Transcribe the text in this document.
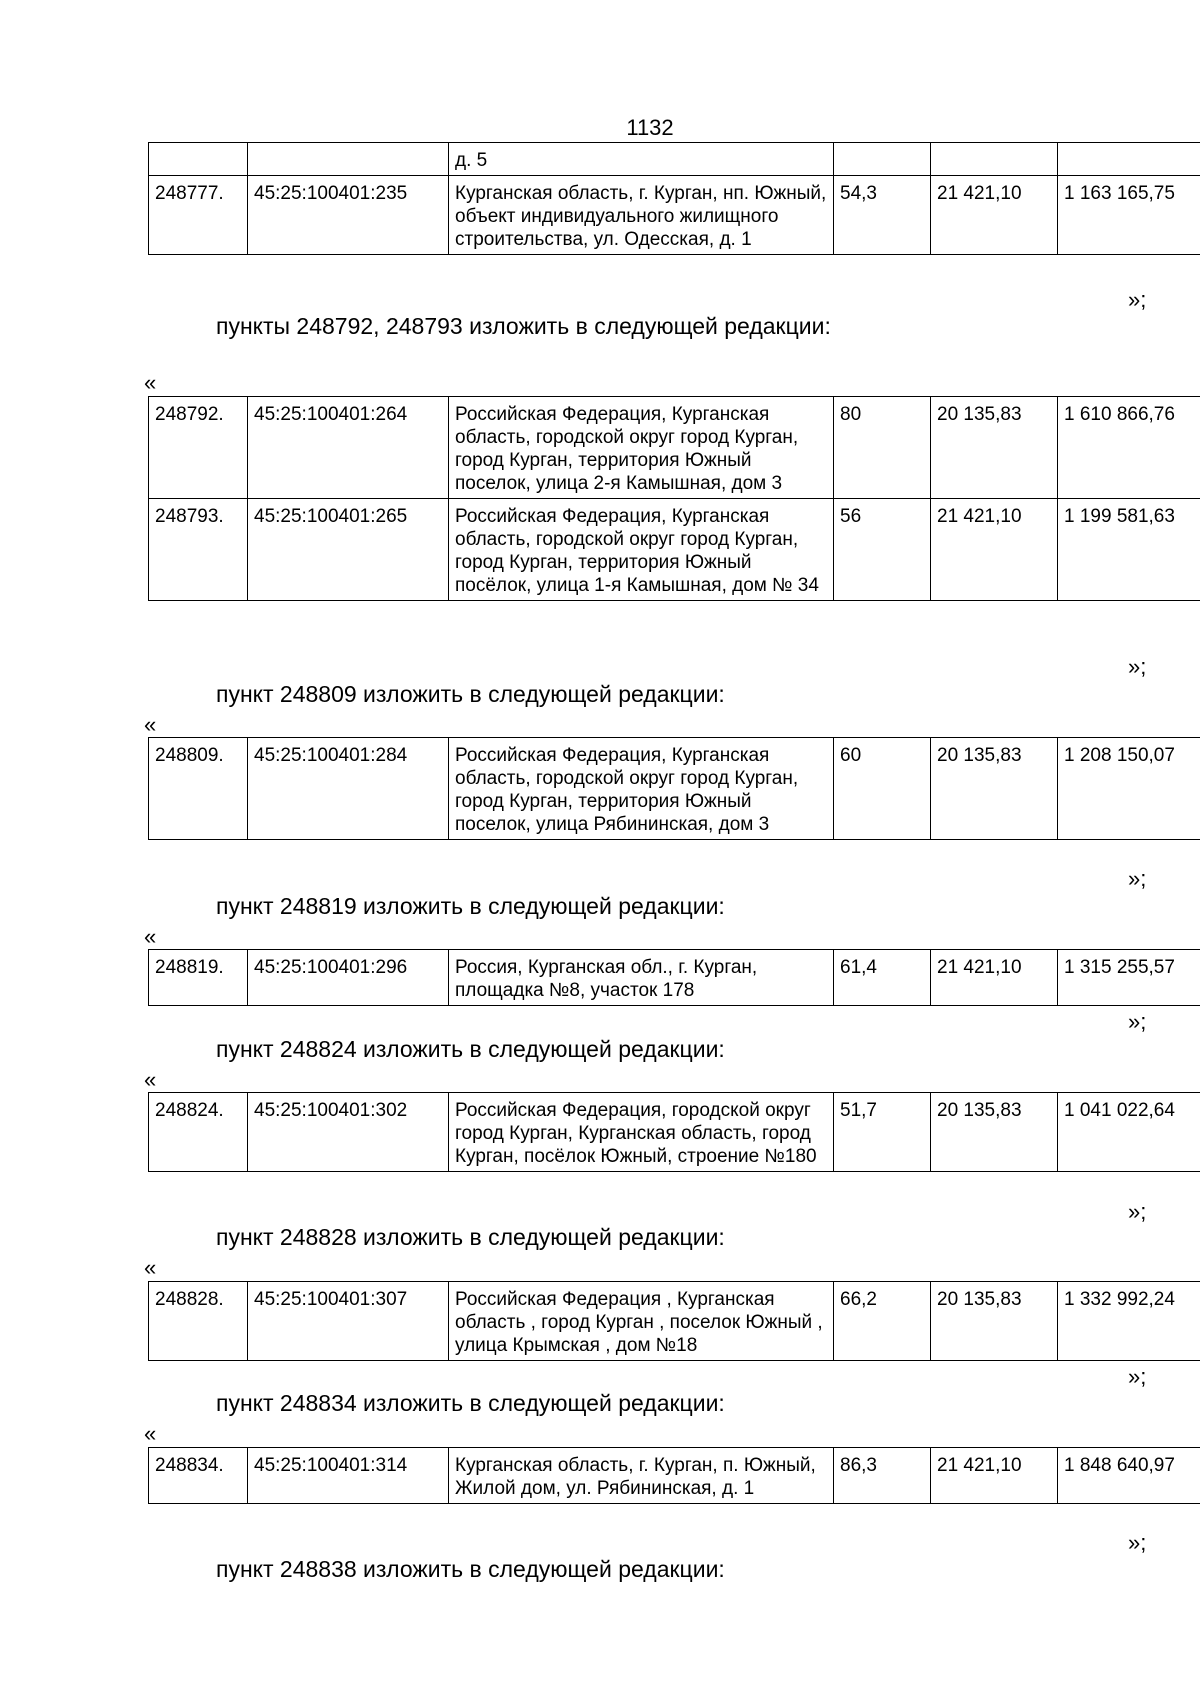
1132
		д. 5			
248777.	45:25:100401:235	Курганская область, г. Курган, нп. Южный, объект индивидуального жилищного строительства, ул. Одесская, д. 1	54,3	21 421,10	1 163 165,75
»;
пункты 248792, 248793 изложить в следующей редакции:
«
248792.	45:25:100401:264	Российская Федерация, Курганская область, городской округ город Курган, город Курган, территория Южный поселок, улица 2-я Камышная, дом 3	80	20 135,83	1 610 866,76
248793.	45:25:100401:265	Российская Федерация, Курганская область, городской округ город Курган, город Курган, территория Южный посёлок, улица 1-я Камышная, дом № 34	56	21 421,10	1 199 581,63
»;
пункт 248809 изложить в следующей редакции:
«
248809.	45:25:100401:284	Российская Федерация, Курганская область, городской округ город Курган, город Курган, территория Южный поселок, улица Рябининская, дом 3	60	20 135,83	1 208 150,07
»;
пункт 248819 изложить в следующей редакции:
«
248819.	45:25:100401:296	Россия, Курганская обл., г. Курган, площадка №8, участок 178	61,4	21 421,10	1 315 255,57
»;
пункт 248824 изложить в следующей редакции:
«
248824.	45:25:100401:302	Российская Федерация, городской округ город Курган, Курганская область, город Курган, посёлок Южный, строение №180	51,7	20 135,83	1 041 022,64
»;
пункт 248828 изложить в следующей редакции:
«
248828.	45:25:100401:307	Российская Федерация , Курганская область , город Курган , поселок Южный , улица Крымская , дом №18	66,2	20 135,83	1 332 992,24
»;
пункт 248834 изложить в следующей редакции:
«
248834.	45:25:100401:314	Курганская область, г. Курган, п. Южный, Жилой дом, ул. Рябининская, д. 1	86,3	21 421,10	1 848 640,97
»;
пункт 248838 изложить в следующей редакции:
